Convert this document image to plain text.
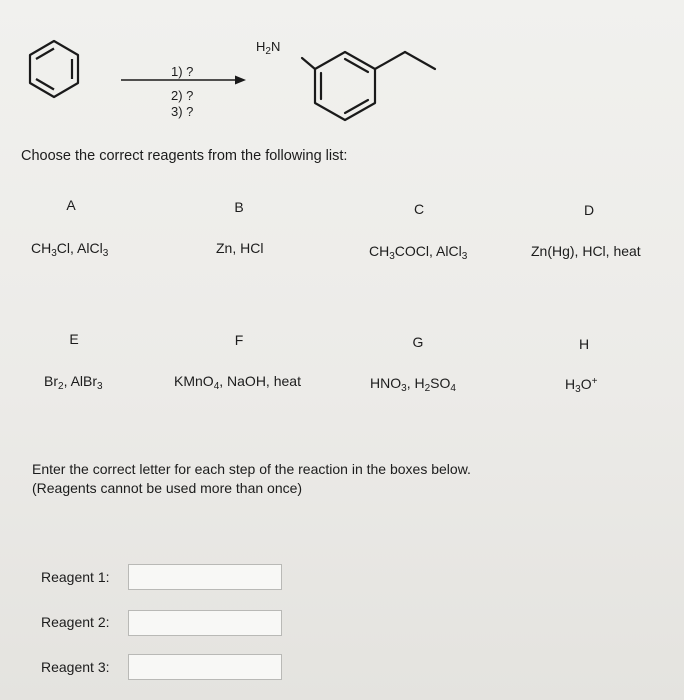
$H_2N$
1) ?
2) ?
3) ?
Choose the correct reagents from the following list:
A	B	C	D
$CH_3Cl$, AlCl$_3$	Zn, HCl	$CH_3COCl$, AlCl$_3$	Zn(Hg), HCl, heat
E	F	G	H
$Br_2$, AlBr$_3$	KMnO$_4$, NaOH, heat	$HNO_3$, $H_2SO_4$	$H_3O^+$
Enter the correct letter for each step of the reaction in the boxes below.
(Reagents cannot be used more than once)
Reagent 1:
Reagent 2:
Reagent 3:
